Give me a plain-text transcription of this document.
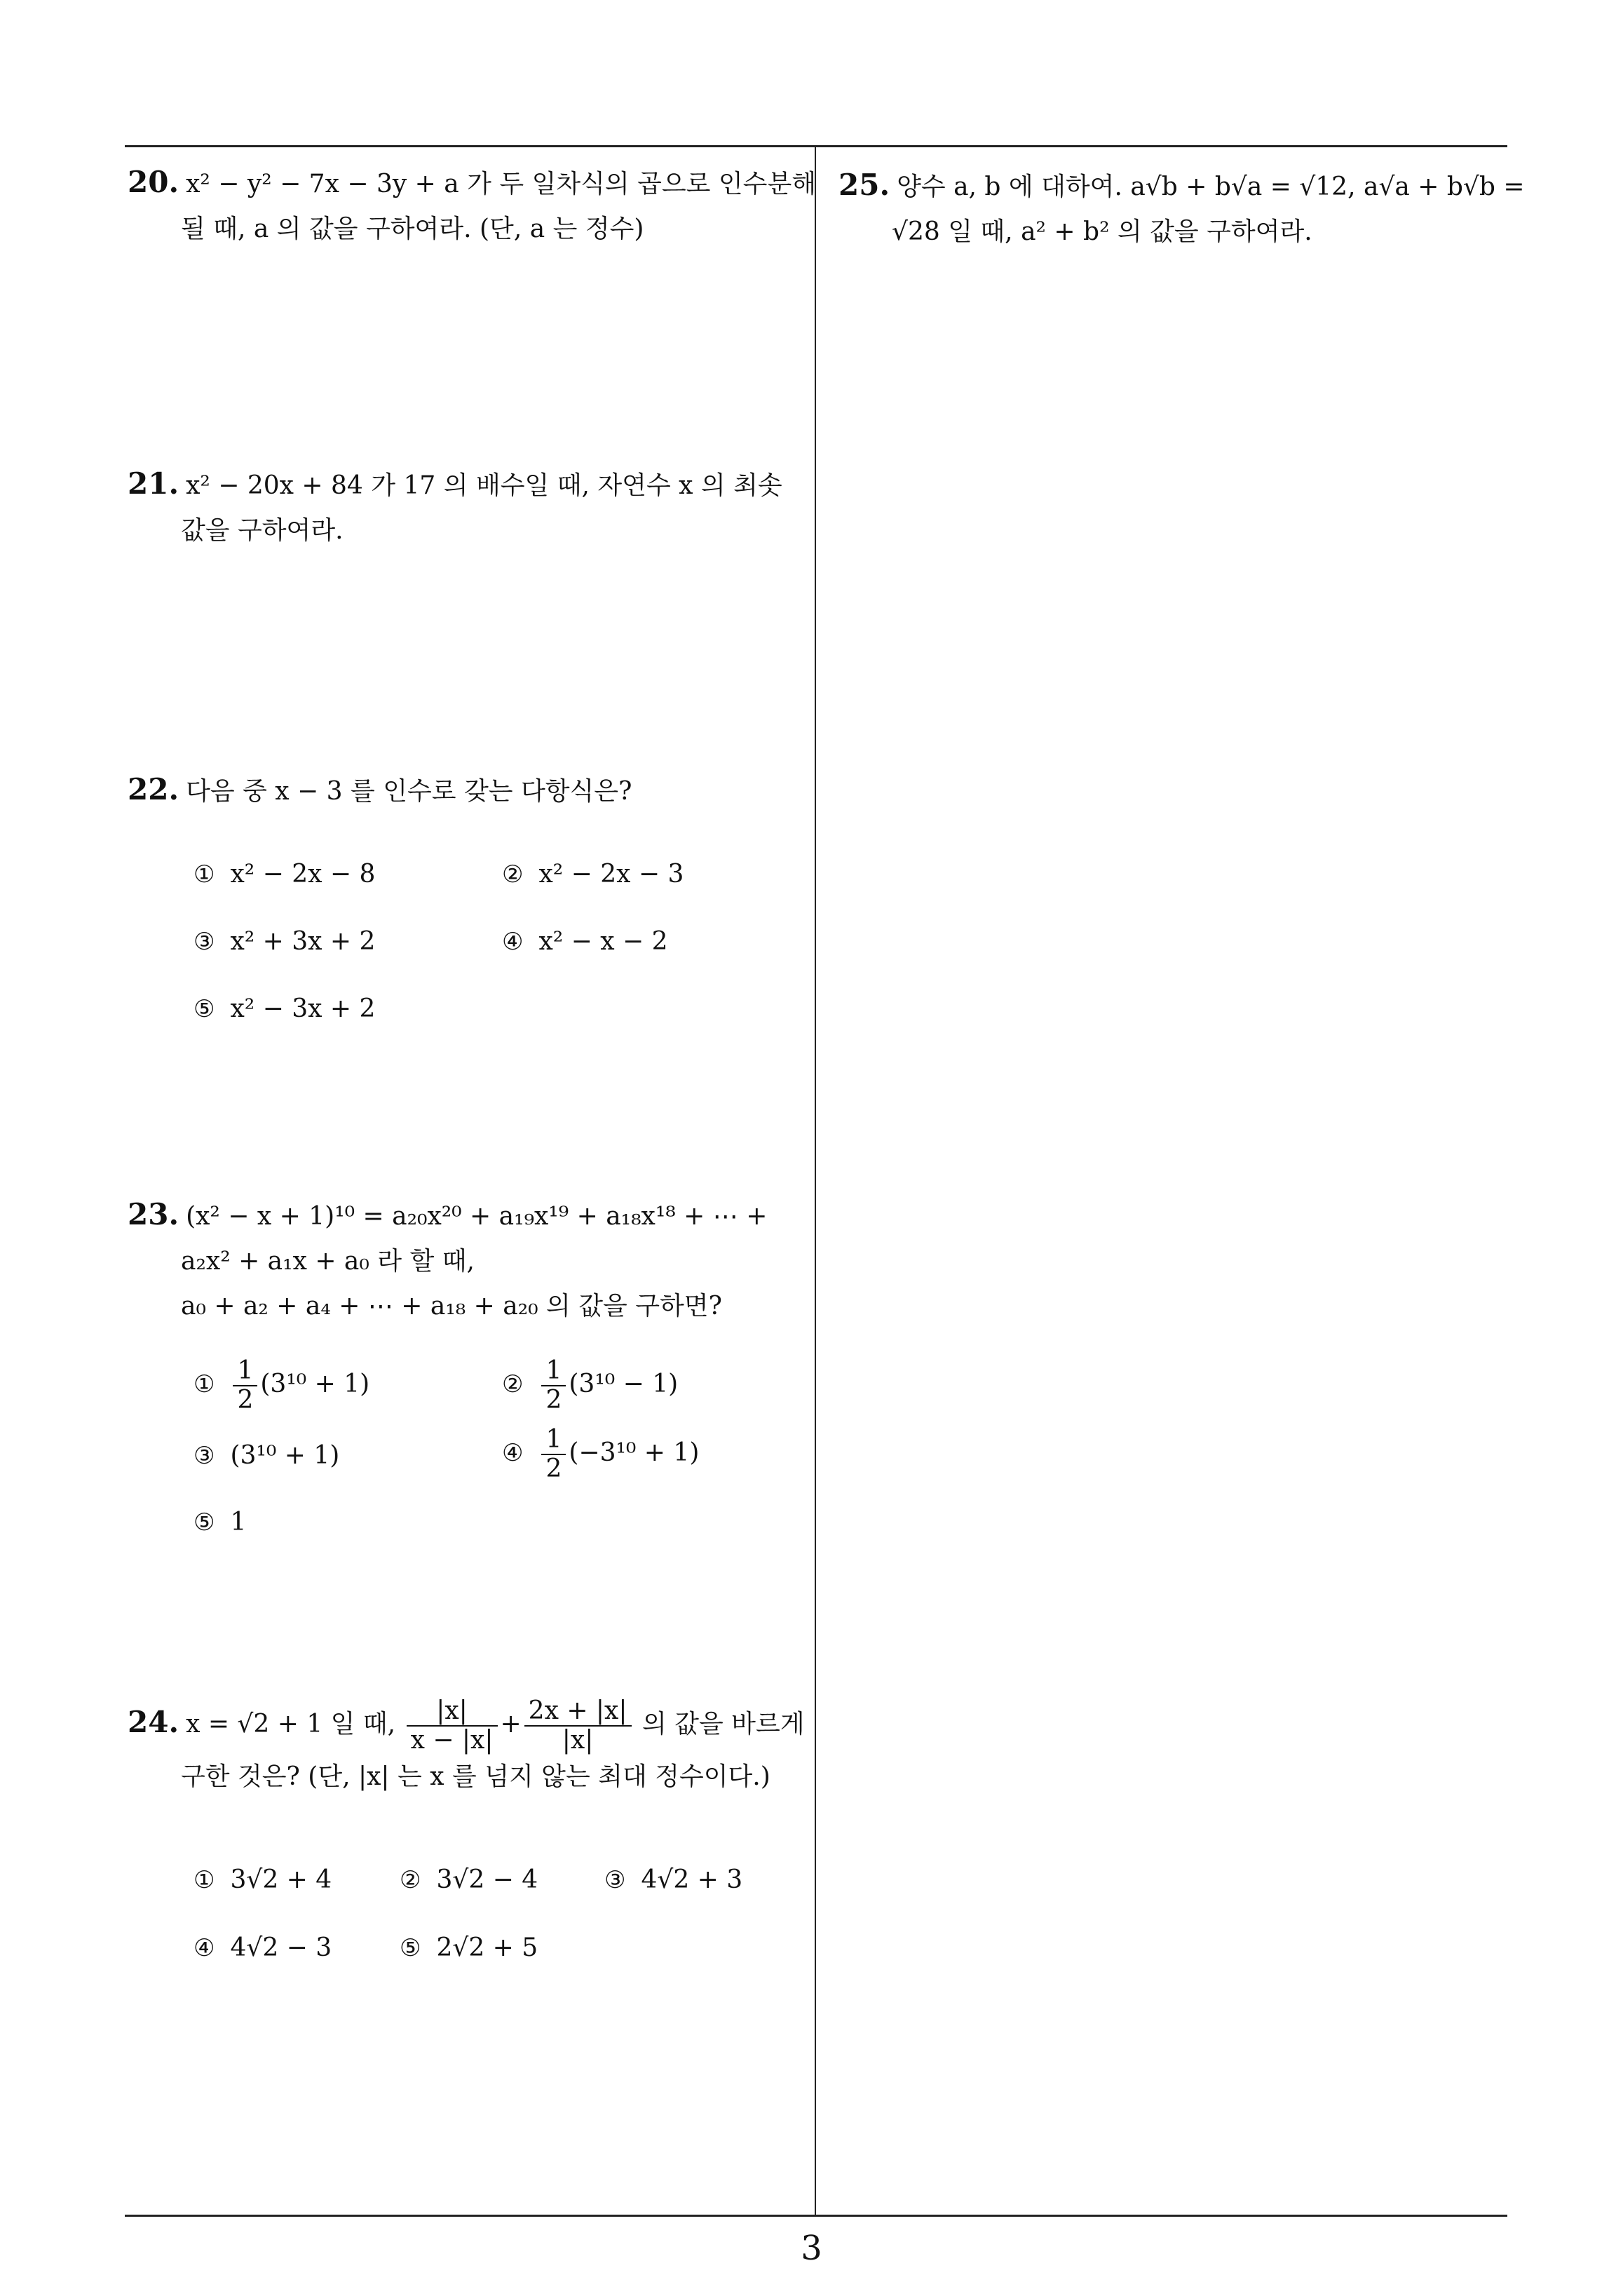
20. x² − y² − 7x − 3y + a 가 두 일차식의 곱으로 인수분해
될 때, a 의 값을 구하여라. (단, a 는 정수)
21. x² − 20x + 84 가 17 의 배수일 때, 자연수 x 의 최솟
값을 구하여라.
22. 다음 중 x − 3 를 인수로 갖는 다항식은?
① x² − 2x − 8	② x² − 2x − 3
③ x² + 3x + 2	④ x² − x − 2
⑤ x² − 3x + 2
23. (x² − x + 1)¹⁰ = a₂₀x²⁰ + a₁₉x¹⁹ + a₁₈x¹⁸ + ⋯ +
a₂x² + a₁x + a₀ 라 할 때,
a₀ + a₂ + a₄ + ⋯ + a₁₈ + a₂₀ 의 값을 구하면?
① $\frac{1}{2} (3^{10} + 1)$	② $\frac{1}{2} (3^{10} - 1)$
③ (3¹⁰ + 1)	④ $\frac{1}{2} (-3^{10} + 1)$
⑤ 1
24. x = √2 + 1 일 때, $\frac{|x|}{x - |x|} + \frac{2x + |x|}{|x|}$ 의 값을 바르게
구한 것은? (단, |x| 는 x 를 넘지 않는 최대 정수이다.)
① 3√2 + 4	② 3√2 − 4	③ 4√2 + 3
④ 4√2 − 3	⑤ 2√2 + 5
25. 양수 a, b 에 대하여. a√b + b√a = √12, a√a + b√b =
√28 일 때, a² + b² 의 값을 구하여라.
3
